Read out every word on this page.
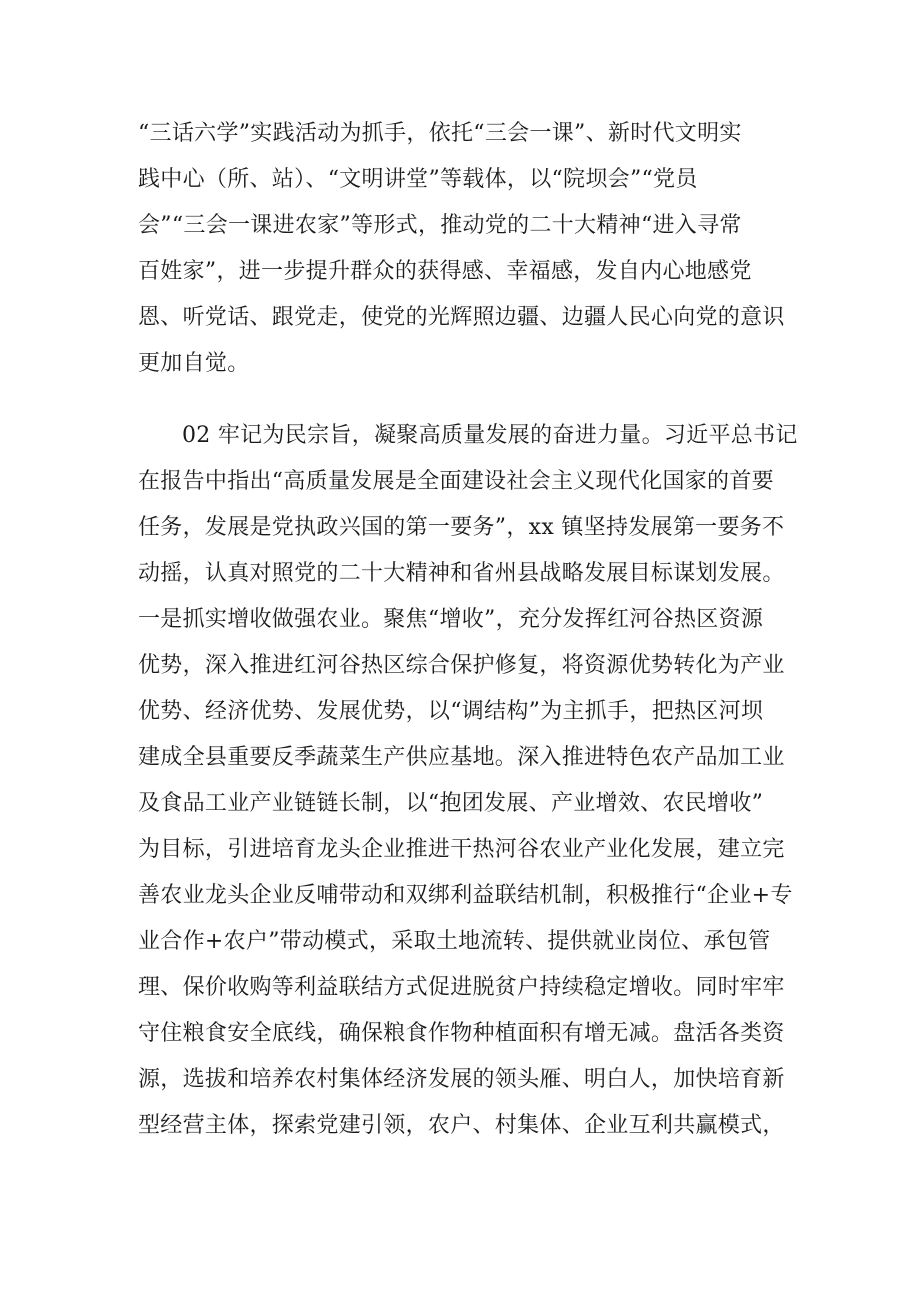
“三话六学”实践活动为抓手，依托“三会一课”、新时代文明实
践中心（所、站）、“文明讲堂”等载体，以“院坝会”“党员
会”“三会一课进农家”等形式，推动党的二十大精神“进入寻常
百姓家”，进一步提升群众的获得感、幸福感，发自内心地感党
恩、听党话、跟党走，使党的光辉照边疆、边疆人民心向党的意识
更加自觉。
02 牢记为民宗旨，凝聚高质量发展的奋进力量。习近平总书记
在报告中指出“高质量发展是全面建设社会主义现代化国家的首要
任务，发展是党执政兴国的第一要务”，xx 镇坚持发展第一要务不
动摇，认真对照党的二十大精神和省州县战略发展目标谋划发展。
一是抓实增收做强农业。聚焦“增收”，充分发挥红河谷热区资源
优势，深入推进红河谷热区综合保护修复，将资源优势转化为产业
优势、经济优势、发展优势，以“调结构”为主抓手，把热区河坝
建成全县重要反季蔬菜生产供应基地。深入推进特色农产品加工业
及食品工业产业链链长制，以“抱团发展、产业增效、农民增收”
为目标，引进培育龙头企业推进干热河谷农业产业化发展，建立完
善农业龙头企业反哺带动和双绑利益联结机制，积极推行“企业+专
业合作+农户”带动模式，采取土地流转、提供就业岗位、承包管
理、保价收购等利益联结方式促进脱贫户持续稳定增收。同时牢牢
守住粮食安全底线，确保粮食作物种植面积有增无减。盘活各类资
源，选拔和培养农村集体经济发展的领头雁、明白人，加快培育新
型经营主体，探索党建引领，农户、村集体、企业互利共赢模式，
